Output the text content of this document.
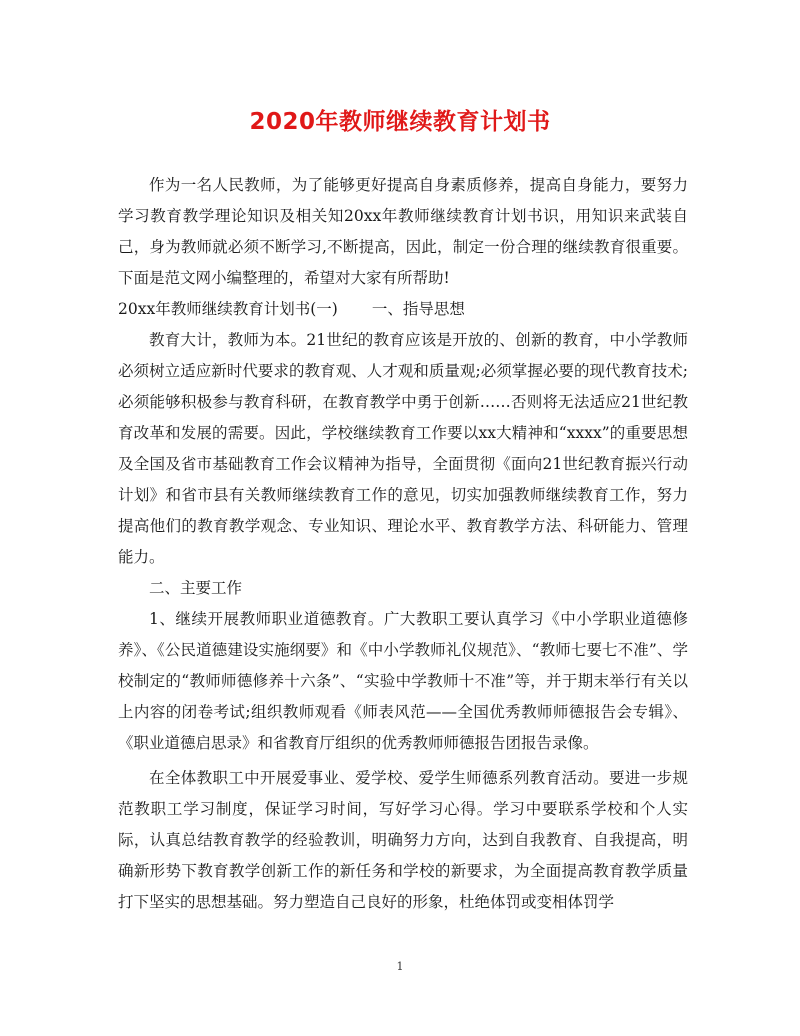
2020年教师继续教育计划书

作为一名人民教师，为了能够更好提高自身素质修养，提高自身能力，要努力学习教育教学理论知识及相关知20xx年教师继续教育计划书识，用知识来武装自己，身为教师就必须不断学习,不断提高，因此，制定一份合理的继续教育很重要。下面是范文网小编整理的，希望对大家有所帮助!

20xx年教师继续教育计划书(一) 一、指导思想

教育大计，教师为本。21世纪的教育应该是开放的、创新的教育，中小学教师必须树立适应新时代要求的教育观、人才观和质量观;必须掌握必要的现代教育技术;必须能够积极参与教育科研，在教育教学中勇于创新……否则将无法适应21世纪教育改革和发展的需要。因此，学校继续教育工作要以xx大精神和“xxxx”的重要思想及全国及省市基础教育工作会议精神为指导，全面贯彻《面向21世纪教育振兴行动计划》和省市县有关教师继续教育工作的意见，切实加强教师继续教育工作，努力提高他们的教育教学观念、专业知识、理论水平、教育教学方法、科研能力、管理能力。

二、主要工作

1、继续开展教师职业道德教育。广大教职工要认真学习《中小学职业道德修养》、《公民道德建设实施纲要》和《中小学教师礼仪规范》、“教师七要七不准”、学校制定的“教师师德修养十六条”、“实验中学教师十不准”等，并于期末举行有关以上内容的闭卷考试;组织教师观看《师表风范——全国优秀教师师德报告会专辑》、《职业道德启思录》和省教育厅组织的优秀教师师德报告团报告录像。

在全体教职工中开展爱事业、爱学校、爱学生师德系列教育活动。要进一步规范教职工学习制度，保证学习时间，写好学习心得。学习中要联系学校和个人实际，认真总结教育教学的经验教训，明确努力方向，达到自我教育、自我提高，明确新形势下教育教学创新工作的新任务和学校的新要求，为全面提高教育教学质量打下坚实的思想基础。努力塑造自己良好的形象，杜绝体罚或变相体罚学

1
